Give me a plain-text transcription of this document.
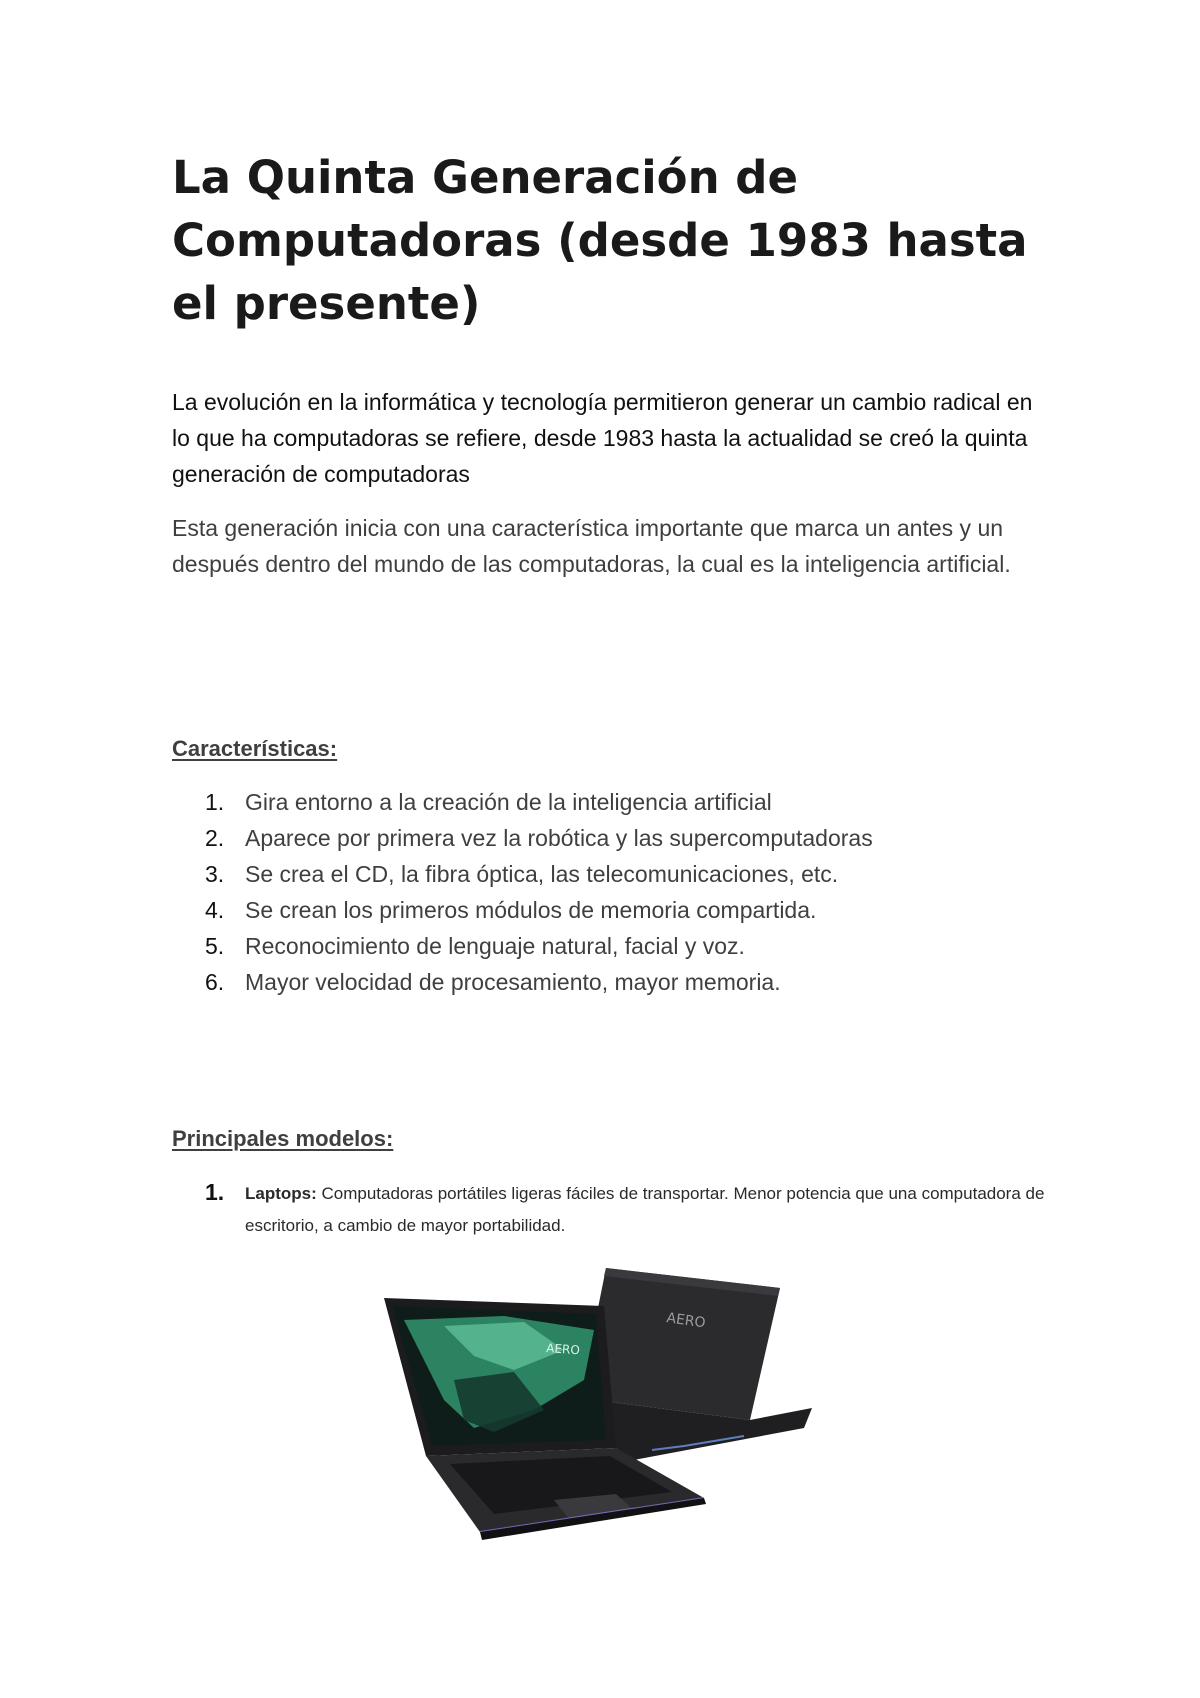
La Quinta Generación de Computadoras (desde 1983 hasta el presente)

La evolución en la informática y tecnología permitieron generar un cambio radical en lo que ha computadoras se refiere, desde 1983 hasta la actualidad se creó la quinta generación de computadoras

Esta generación inicia con una característica importante que marca un antes y un después dentro del mundo de las computadoras, la cual es la inteligencia artificial.

Características:
1. Gira entorno a la creación de la inteligencia artificial
2. Aparece por primera vez la robótica y las supercomputadoras
3. Se crea el CD, la fibra óptica, las telecomunicaciones, etc.
4. Se crean los primeros módulos de memoria compartida.
5. Reconocimiento de lenguaje natural, facial y voz.
6. Mayor velocidad de procesamiento, mayor memoria.
Principales modelos:
1. Laptops: Computadoras portátiles ligeras fáciles de transportar. Menor potencia que una computadora de escritorio, a cambio de mayor portabilidad.
AERO
AERO
